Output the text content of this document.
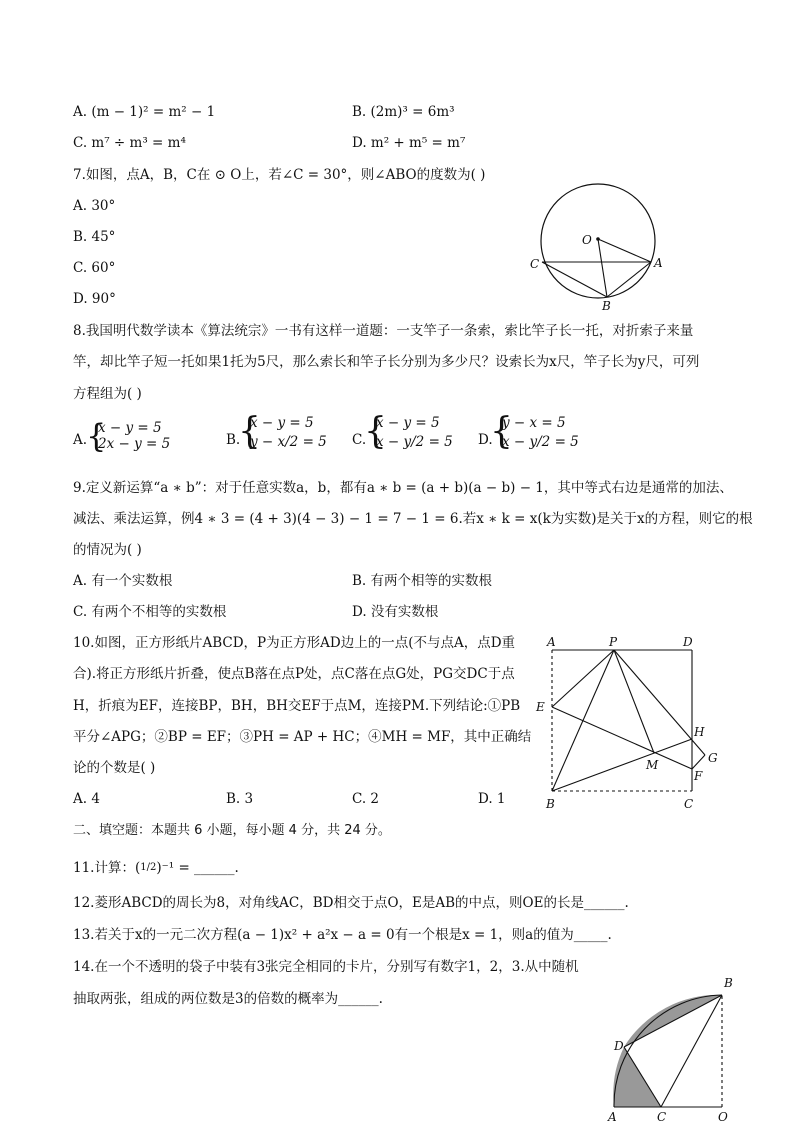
A. (m − 1)² = m² − 1	B. (2m)³ = 6m³
C. m⁷ ÷ m³ = m⁴	D. m² + m⁵ = m⁷
7.如图，点A，B，C在 ⊙ O上，若∠C = 30°，则∠ABO的度数为( )
A. 30°
B. 45°
C. 60°
D. 90°
O
A
B
C
8.我国明代数学读本《算法统宗》一书有这样一道题：一支竿子一条索，索比竿子长一托，对折索子来量
竿，却比竿子短一托如果1托为5尺，那么索长和竿子长分别为多少尺？设索长为x尺，竿子长为y尺，可列
方程组为( )
A.
{
x − y = 5
2x − y = 5	B.
{
x − y = 5
y − x/2 = 5 C.
{
x − y = 5
x − y/2 = 5 D.
{
y − x = 5
x − y/2 = 5
9.定义新运算“a ∗ b”：对于任意实数a，b，都有a ∗ b = (a + b)(a − b) − 1，其中等式右边是通常的加法、
减法、乘法运算，例4 ∗ 3 = (4 + 3)(4 − 3) − 1 = 7 − 1 = 6.若x ∗ k = x(k为实数)是关于x的方程，则它的根
的情况为( )
A. 有一个实数根	B. 有两个相等的实数根
C. 有两个不相等的实数根	D. 没有实数根
10.如图，正方形纸片ABCD，P为正方形AD边上的一点(不与点A，点D重
合).将正方形纸片折叠，使点B落在点P处，点C落在点G处，PG交DC于点
H，折痕为EF，连接BP，BH，BH交EF于点M，连接PM.下列结论:①PB
平分∠APG；②BP = EF；③PH = AP + HC；④MH = MF，其中正确结
论的个数是( )
A. 4	B. 3	C. 2	D. 1
A	P	D
E
H
G
M
F
B	C
二、填空题：本题共 6 小题，每小题 4 分，共 24 分。
11.计算：(1/2)⁻¹ = ______.
12.菱形ABCD的周长为8，对角线AC，BD相交于点O，E是AB的中点，则OE的长是______.
13.若关于x的一元二次方程(a − 1)x² + a²x − a = 0有一个根是x = 1，则a的值为_____.
14.在一个不透明的袋子中装有3张完全相同的卡片，分别写有数字1，2，3.从中随机
抽取两张，组成的两位数是3的倍数的概率为______.
B
D
A	C	O
